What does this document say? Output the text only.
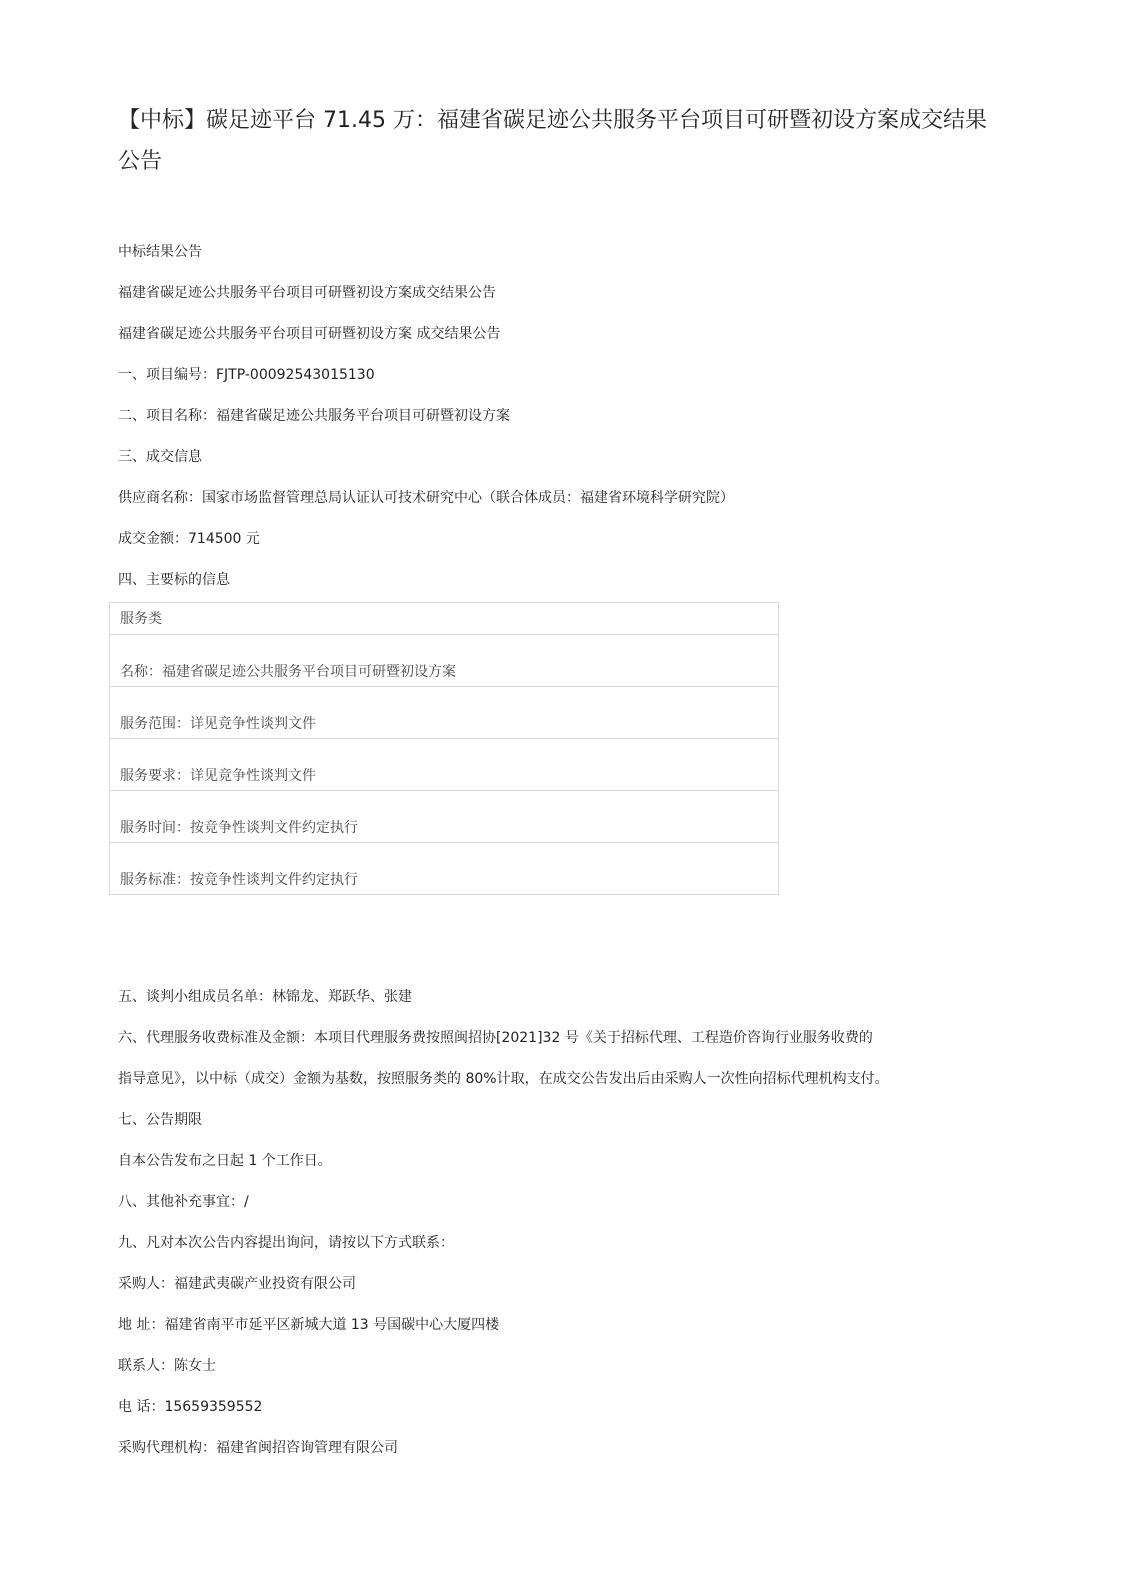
【中标】碳足迹平台 71.45 万：福建省碳足迹公共服务平台项目可研暨初设方案成交结果公告
中标结果公告
福建省碳足迹公共服务平台项目可研暨初设方案成交结果公告
福建省碳足迹公共服务平台项目可研暨初设方案 成交结果公告
一、项目编号：FJTP-00092543015130
二、项目名称：福建省碳足迹公共服务平台项目可研暨初设方案
三、成交信息
供应商名称：国家市场监督管理总局认证认可技术研究中心（联合体成员：福建省环境科学研究院）
成交金额：714500 元
四、主要标的信息
服务类
名称：福建省碳足迹公共服务平台项目可研暨初设方案
服务范围：详见竞争性谈判文件
服务要求：详见竞争性谈判文件
服务时间：按竞争性谈判文件约定执行
服务标准：按竞争性谈判文件约定执行
五、谈判小组成员名单：林锦龙、郑跃华、张建
六、代理服务收费标准及金额：本项目代理服务费按照闽招协[2021]32 号《关于招标代理、工程造价咨询行业服务收费的
指导意见》，以中标（成交）金额为基数，按照服务类的 80%计取，在成交公告发出后由采购人一次性向招标代理机构支付。
七、公告期限
自本公告发布之日起 1 个工作日。
八、其他补充事宜：/
九、凡对本次公告内容提出询问，请按以下方式联系：
采购人：福建武夷碳产业投资有限公司
地 址：福建省南平市延平区新城大道 13 号国碳中心大厦四楼
联系人：陈女士
电 话：15659359552
采购代理机构：福建省闽招咨询管理有限公司
